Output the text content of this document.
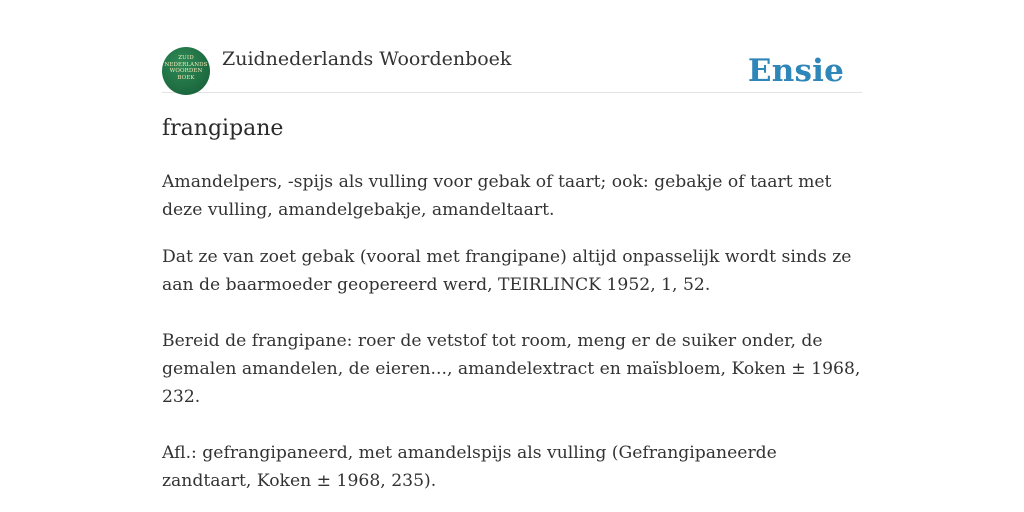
ZUID
NEDERLANDS
WOORDEN
BOEK
Zuidnederlands Woordenboek	Ensie
frangipane

Amandelpers, -spijs als vulling voor gebak of taart; ook: gebakje of taart met deze vulling, amandelgebakje, amandeltaart.

Dat ze van zoet gebak (vooral met frangipane) altijd onpasselijk wordt sinds ze aan de baarmoeder geopereerd werd, TEIRLINCK 1952, 1, 52.

Bereid de frangipane: roer de vetstof tot room, meng er de suiker onder, de gemalen amandelen, de eieren..., amandelextract en maïsbloem, Koken ± 1968, 232.

Afl.: gefrangipaneerd, met amandelspijs als vulling (Gefrangipaneerde zandtaart, Koken ± 1968, 235).
